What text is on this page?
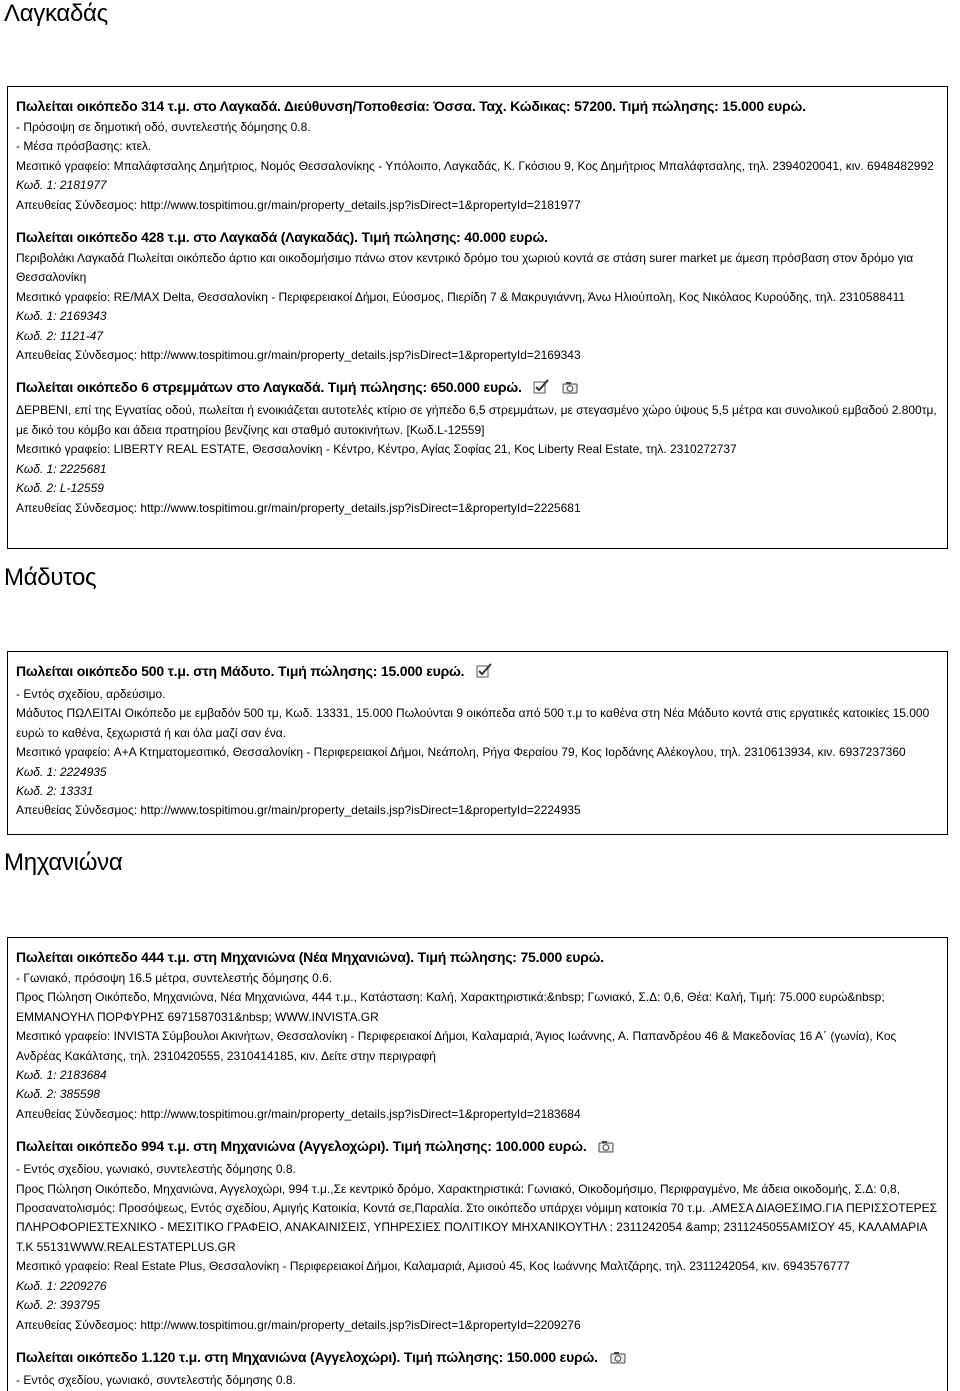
Λαγκαδάς
Πωλείται οικόπεδο 314 τ.μ. στο Λαγκαδά. Διεύθυνση/Τοποθεσία: Όσσα. Ταχ. Κώδικας: 57200. Τιμή πώλησης: 15.000 ευρώ.
- Πρόσοψη σε δημοτική οδό, συντελεστής δόμησης 0.8.
- Μέσα πρόσβασης: κτελ.
Μεσιτικό γραφείο: Μπαλάφτσαλης Δημήτριος, Νομός Θεσσαλονίκης - Υπόλοιπο, Λαγκαδάς, Κ. Γκόσιου 9, Κος Δημήτριος Μπαλάφτσαλης, τηλ. 2394020041, κιν. 6948482992
Κωδ. 1: 2181977
Απευθείας Σύνδεσμος: http://www.tospitimou.gr/main/property_details.jsp?isDirect=1&propertyId=2181977
Πωλείται οικόπεδο 428 τ.μ. στο Λαγκαδά (Λαγκαδάς). Τιμή πώλησης: 40.000 ευρώ.
Περιβολάκι Λαγκαδά Πωλείται οικόπεδο άρτιο και οικοδομήσιμο πάνω στον κεντρικό δρόμο του χωριού κοντά σε στάση surer market με άμεση πρόσβαση στον δρόμο για Θεσσαλονίκη
Μεσιτικό γραφείο: RE/MAX Delta, Θεσσαλονίκη - Περιφερειακοί Δήμοι, Εύοσμος, Πιερίδη 7 & Μακρυγιάννη, Άνω Ηλιούπολη, Κος Νικόλαος Κυρούδης, τηλ. 2310588411
Κωδ. 1: 2169343
Κωδ. 2: 1121-47
Απευθείας Σύνδεσμος: http://www.tospitimou.gr/main/property_details.jsp?isDirect=1&propertyId=2169343
Πωλείται οικόπεδο 6 στρεμμάτων στο Λαγκαδά. Τιμή πώλησης: 650.000 ευρώ.
ΔΕΡΒΕΝΙ, επί της Εγνατίας οδού, πωλείται ή ενοικιάζεται αυτοτελές κτίριο σε γήπεδο 6,5 στρεμμάτων, με στεγασμένο χώρο ύψους 5,5 μέτρα και συνολικού εμβαδού 2.800τμ, με δικό του κόμβο και άδεια πρατηρίου βενζίνης και σταθμό αυτοκινήτων. [Κωδ.L-12559]
Μεσιτικό γραφείο: LIBERTY REAL ESTATE, Θεσσαλονίκη - Κέντρο, Κέντρο, Αγίας Σοφίας 21, Κος Liberty Real Estate, τηλ. 2310272737
Κωδ. 1: 2225681
Κωδ. 2: L-12559
Απευθείας Σύνδεσμος: http://www.tospitimou.gr/main/property_details.jsp?isDirect=1&propertyId=2225681
Μάδυτος
Πωλείται οικόπεδο 500 τ.μ. στη Μάδυτο. Τιμή πώλησης: 15.000 ευρώ.
- Εντός σχεδίου, αρδεύσιμο.
Μάδυτος ΠΩΛΕΙΤΑΙ Οικόπεδο με εμβαδόν 500 τμ, Κωδ. 13331, 15.000 Πωλούνται 9 οικόπεδα από 500 τ.μ το καθένα στη Νέα Μάδυτο κοντά στις εργατικές κατοικίες 15.000 ευρώ το καθένα, ξεχωριστά ή και όλα μαζί σαν ένα.
Μεσιτικό γραφείο: A+A Κτηματομεσιτικό, Θεσσαλονίκη - Περιφερειακοί Δήμοι, Νεάπολη, Ρήγα Φεραίου 79, Κος Ιορδάνης Αλέκογλου, τηλ. 2310613934, κιν. 6937237360
Κωδ. 1: 2224935
Κωδ. 2: 13331
Απευθείας Σύνδεσμος: http://www.tospitimou.gr/main/property_details.jsp?isDirect=1&propertyId=2224935
Μηχανιώνα
Πωλείται οικόπεδο 444 τ.μ. στη Μηχανιώνα (Νέα Μηχανιώνα). Τιμή πώλησης: 75.000 ευρώ.
- Γωνιακό, πρόσοψη 16.5 μέτρα, συντελεστής δόμησης 0.6.
Προς Πώληση Οικόπεδο, Μηχανιώνα, Νέα Μηχανιώνα, 444 τ.μ., Κατάσταση: Καλή, Χαρακτηριστικά:&nbsp; Γωνιακό, Σ.Δ: 0,6, Θέα: Καλή, Τιμή: 75.000 ευρώ&nbsp; ΕΜΜΑΝΟΥΗΛ ΠΟΡΦΥΡΗΣ 6971587031&nbsp; WWW.INVISTA.GR
Μεσιτικό γραφείο: INVISTA Σύμβουλοι Ακινήτων, Θεσσαλονίκη - Περιφερειακοί Δήμοι, Καλαμαριά, Άγιος Ιωάννης, Α. Παπανδρέου 46 & Μακεδονίας 16 Α΄ (γωνία), Κος Ανδρέας Κακάλτσης, τηλ. 2310420555, 2310414185, κιν. Δείτε στην περιγραφή
Κωδ. 1: 2183684
Κωδ. 2: 385598
Απευθείας Σύνδεσμος: http://www.tospitimou.gr/main/property_details.jsp?isDirect=1&propertyId=2183684
Πωλείται οικόπεδο 994 τ.μ. στη Μηχανιώνα (Αγγελοχώρι). Τιμή πώλησης: 100.000 ευρώ.
- Εντός σχεδίου, γωνιακό, συντελεστής δόμησης 0.8.
Προς Πώληση Οικόπεδο, Μηχανιώνα, Αγγελοχώρι, 994 τ.μ.,Σε κεντρικό δρόμο, Χαρακτηριστικά: Γωνιακό, Οικοδομήσιμο, Περιφραγμένο, Με άδεια οικοδομής, Σ.Δ: 0,8, Προσανατολισμός: Προσόψεως, Εντός σχεδίου, Αμιγής Κατοικία, Κοντά σε,Παραλία. Στο οικόπεδο υπάρχει νόμιμη κατοικία 70 τ.μ. .ΑΜΕΣΑ ΔΙΑΘΕΣΙΜΟ.ΓΙΑ ΠΕΡΙΣΣΟΤΕΡΕΣ ΠΛΗΡΟΦΟΡΙΕΣΤΕΧΝΙΚΟ - ΜΕΣΙΤΙΚΟ ΓΡΑΦΕΙΟ, ΑΝΑΚΑΙΝΙΣΕΙΣ, ΥΠΗΡΕΣΙΕΣ ΠΟΛΙΤΙΚΟΥ ΜΗΧΑΝΙΚΟΥΤΗΛ : 2311242054 &amp; 2311245055ΑΜΙΣΟΥ 45, ΚΑΛΑΜΑΡΙΑ Τ.Κ 55131WWW.REALESTATEPLUS.GR
Μεσιτικό γραφείο: Real Estate Plus, Θεσσαλονίκη - Περιφερειακοί Δήμοι, Καλαμαριά, Αμισού 45, Κος Ιωάννης Μαλτζάρης, τηλ. 2311242054, κιν. 6943576777
Κωδ. 1: 2209276
Κωδ. 2: 393795
Απευθείας Σύνδεσμος: http://www.tospitimou.gr/main/property_details.jsp?isDirect=1&propertyId=2209276
Πωλείται οικόπεδο 1.120 τ.μ. στη Μηχανιώνα (Αγγελοχώρι). Τιμή πώλησης: 150.000 ευρώ.
- Εντός σχεδίου, γωνιακό, συντελεστής δόμησης 0.8.
